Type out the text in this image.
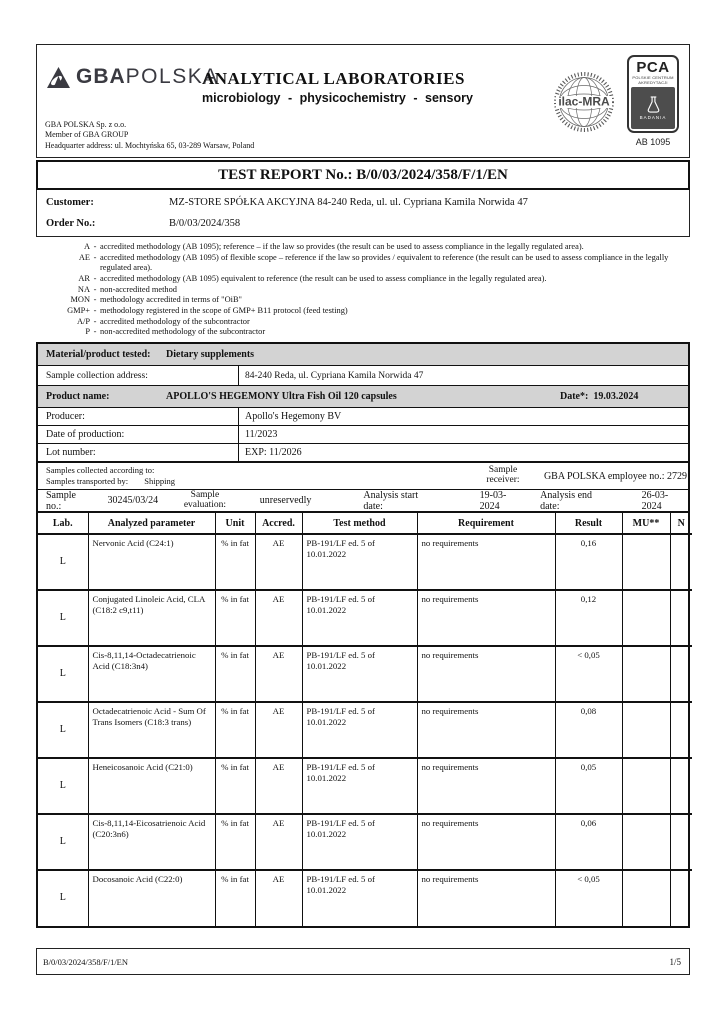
GBA POLSKA
ANALYTICAL LABORATORIES
microbiology - physicochemistry - sensory	ilac-MRA
PCA
POLSKIE CENTRUM
AKREDYTACJI
BADANIA
AB 1095
GBA POLSKA Sp. z o.o.
Member of GBA GROUP
Headquarter address: ul. Mochtyńska 65, 03-289 Warsaw, Poland
TEST REPORT No.: B/0/03/2024/358/F/1/EN
Customer:	MZ-STORE SPÓŁKA AKCYJNA 84-240 Reda, ul. ul. Cypriana Kamila Norwida 47
Order No.:	B/0/03/2024/358
A - accredited methodology (AB 1095); reference – if the law so provides (the result can be used to assess compliance in the legally regulated area).
AE - accredited methodology (AB 1095) of flexible scope – reference if the law so provides / equivalent to reference (the result can be used to assess compliance in the legally regulated area).
AR - accredited methodology (AB 1095) equivalent to reference (the result can be used to assess compliance in the legally regulated area).
NA - non-accredited method
MON - methodology accredited in terms of "OiB"
GMP+ - methodology registered in the scope of GMP+ B11 protocol (feed testing)
A/P - accredited methodology of the subcontractor
P - non-accredited methodology of the subcontractor
Material/product tested:	Dietary supplements
Sample collection address:	84-240 Reda, ul. Cypriana Kamila Norwida 47
Product name:	APOLLO'S HEGEMONY Ultra Fish Oil 120 capsules	Date*: 19.03.2024
Producer:	Apollo's Hegemony BV
Date of production:	11/2023
Lot number:	EXP: 11/2026
Samples collected according to:
Samples transported by: Shipping
Sample receiver:	GBA POLSKA employee no.: 2729
Sample no.:	30245/03/24
Sample evaluation:	unreservedly	Analysis start date:
19-03-2024
Analysis end date:
26-03-2024
Lab.	Analyzed parameter	Unit	Accred.	Test method	Requirement	Result	MU**	N
L	Nervonic Acid (C24:1)	% in fat	AE	PB-191/LF ed. 5 of 10.01.2022	no requirements	0,16		
L	Conjugated Linoleic Acid, CLA (C18:2 c9,t11)	% in fat	AE	PB-191/LF ed. 5 of 10.01.2022	no requirements	0,12		
L	Cis-8,11,14-Octadecatrienoic Acid (C18:3n4)	% in fat	AE	PB-191/LF ed. 5 of 10.01.2022	no requirements	< 0,05		
L	Octadecatrienoic Acid - Sum Of Trans Isomers (C18:3 trans)	% in fat	AE	PB-191/LF ed. 5 of 10.01.2022	no requirements	0,08		
L	Heneicosanoic Acid (C21:0)	% in fat	AE	PB-191/LF ed. 5 of 10.01.2022	no requirements	0,05		
L	Cis-8,11,14-Eicosatrienoic Acid (C20:3n6)	% in fat	AE	PB-191/LF ed. 5 of 10.01.2022	no requirements	0,06		
L	Docosanoic Acid (C22:0)	% in fat	AE	PB-191/LF ed. 5 of 10.01.2022	no requirements	< 0,05		
B/0/03/2024/358/F/1/EN	1/5
